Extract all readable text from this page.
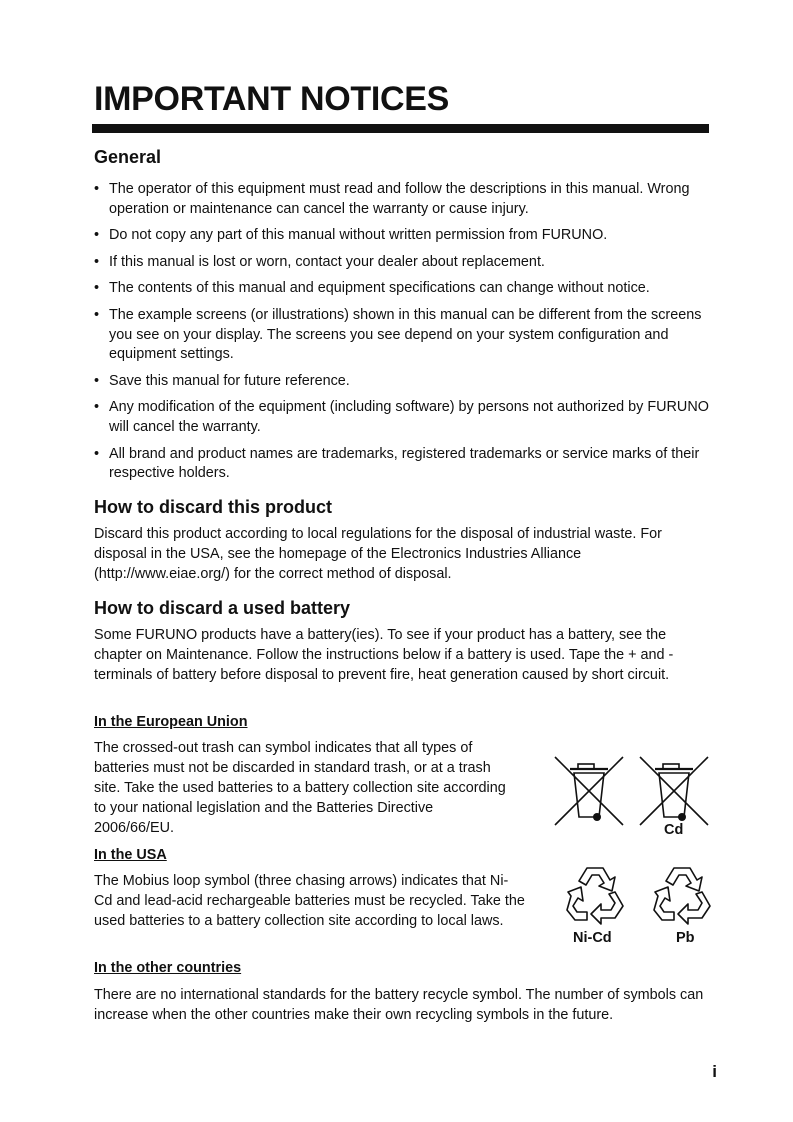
IMPORTANT NOTICES
General
• The operator of this equipment must read and follow the descriptions in this manual. Wrong operation or maintenance can cancel the warranty or cause injury.
• Do not copy any part of this manual without written permission from FURUNO.
• If this manual is lost or worn, contact your dealer about replacement.
• The contents of this manual and equipment specifications can change without notice.
• The example screens (or illustrations) shown in this manual can be different from the screens you see on your display. The screens you see depend on your system configuration and equipment settings.
• Save this manual for future reference.
• Any modification of the equipment (including software) by persons not authorized by FURUNO will cancel the warranty.
• All brand and product names are trademarks, registered trademarks or service marks of their respective holders.
How to discard this product

Discard this product according to local regulations for the disposal of industrial waste. For disposal in the USA, see the homepage of the Electronics Industries Alliance (http://www.eiae.org/) for the correct method of disposal.

How to discard a used battery

Some FURUNO products have a battery(ies). To see if your product has a battery, see the chapter on Maintenance. Follow the instructions below if a battery is used. Tape the + and - terminals of battery before disposal to prevent fire, heat generation caused by short circuit.

In the European Union

The crossed-out trash can symbol indicates that all types of batteries must not be discarded in standard trash, or at a trash site. Take the used batteries to a battery collection site according to your national legislation and the Batteries Directive 2006/66/EU.

In the USA

The Mobius loop symbol (three chasing arrows) indicates that Ni-Cd and lead-acid rechargeable batteries must be recycled. Take the used batteries to a battery collection site according to local laws.

In the other countries

There are no international standards for the battery recycle symbol. The number of symbols can increase when the other countries make their own recycling symbols in the future.

Cd
Ni-Cd	Pb
i
